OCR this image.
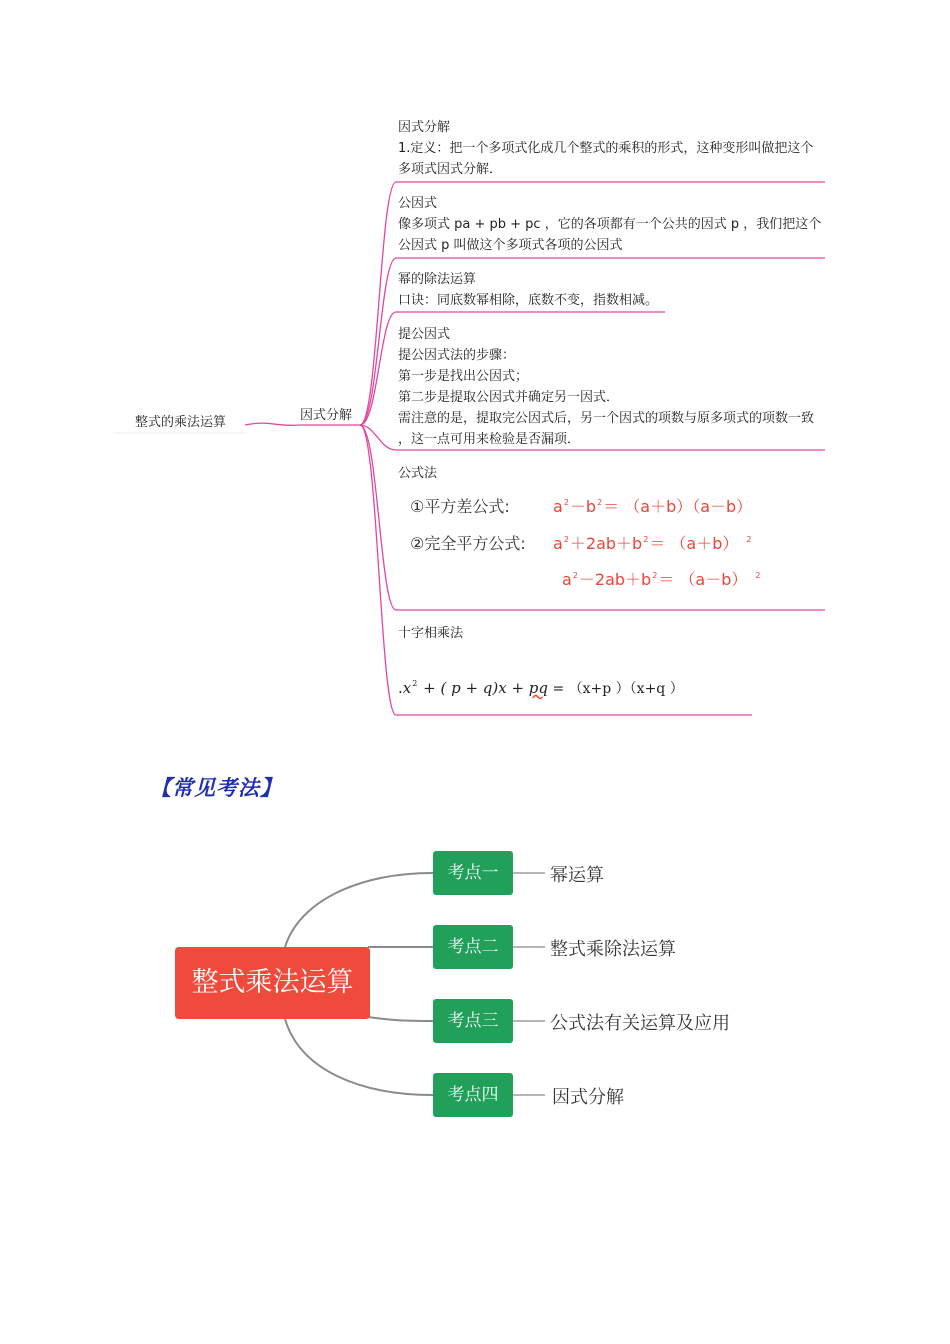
整式的乘法运算	因式分解
因式分解
1.定义：把一个多项式化成几个整式的乘积的形式，这种变形叫做把这个
多项式因式分解．
公因式
像多项式 pa + pb + pc ，它的各项都有一个公共的因式 p ，我们把这个
公因式 p 叫做这个多项式各项的公因式
幂的除法运算
口诀：同底数幂相除，底数不变，指数相减。
提公因式
提公因式法的步骤：
第一步是找出公因式；
第二步是提取公因式并确定另一因式．
需注意的是，提取完公因式后，另一个因式的项数与原多项式的项数一致
，这一点可用来检验是否漏项．
公式法
①平方差公式:	$a^2-b^2= (a+b)(a-b)$
②完全平方公式: $a^2+2ab+b^2= (a+b)$ $^2$
$a^2-2ab+b^2= (a-b)$ $^2$
十字相乘法
$.x^2$ + ( p + q)x + pq = （x+p ）（x+q ）
【常见考法】
整式乘法运算
考点一
考点二
考点三
考点四
幂运算
整式乘除法运算
公式法有关运算及应用
因式分解
